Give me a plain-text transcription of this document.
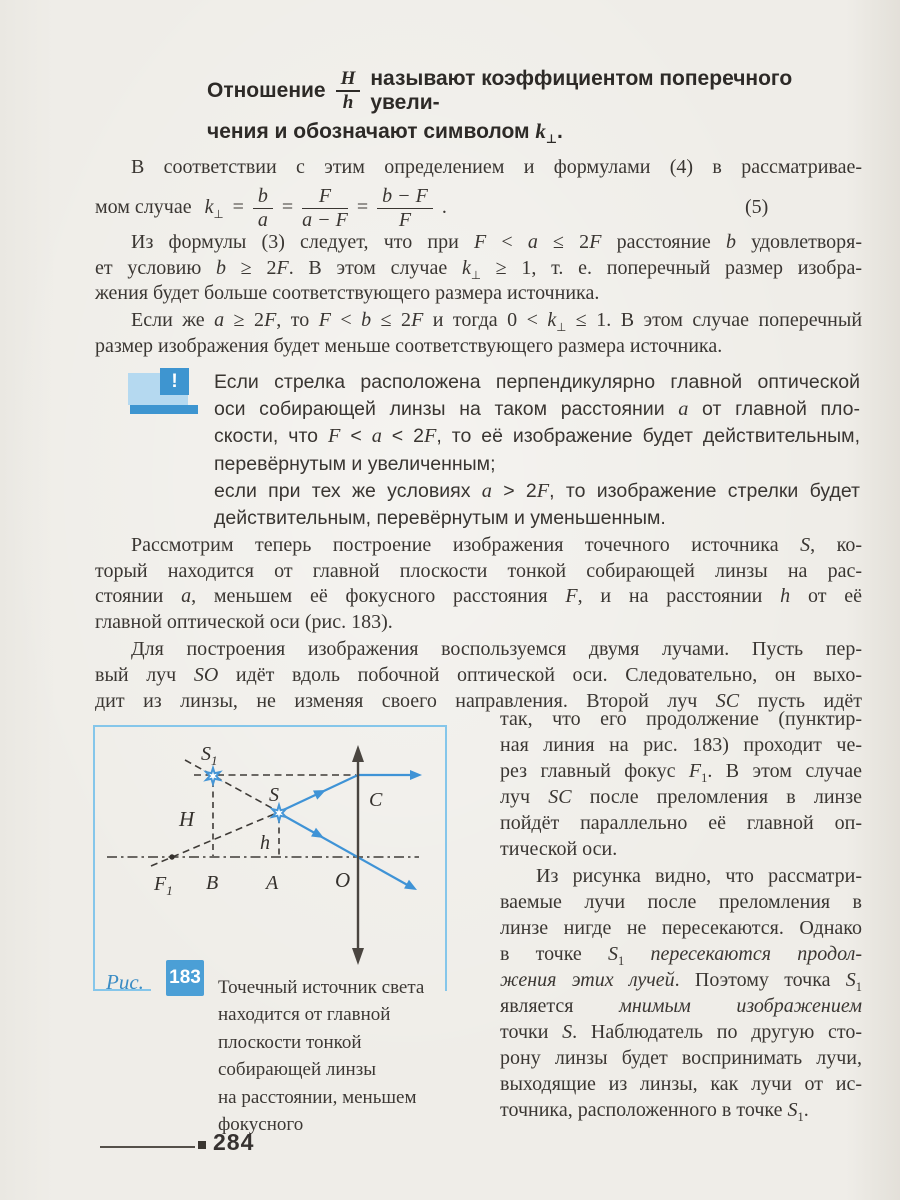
Отношение $\frac{H}{h}$ называют коэффициентом поперечного увели-
чения и обозначают символом $k_\perp$.
В соответствии с этим определением и формулами (4) в рассматривае-
мом случае $k_\perp = \frac{b}{a} = \frac{F}{a - F} = \frac{b - F}{F}$ .	(5)
Из формулы (3) следует, что при F < a ≤ 2F расстояние b удовлетворя-
ет условию b ≥ 2F. В этом случае $k_\perp \ge 1$, т. е. поперечный размер изобра-
жения будет больше соответствующего размера источника.
Если же a ≥ 2F, то F < b ≤ 2F и тогда $0 < k_\perp \le 1$. В этом случае поперечный
размер изображения будет меньше соответствующего размера источника.
!	Если стрелка расположена перпендикулярно главной оптической
оси собирающей линзы на таком расстоянии a от главной пло-
скости, что F < a < 2F, то её изображение будет действительным,
перевёрнутым и увеличенным;
если при тех же условиях a > 2F, то изображение стрелки будет
действительным, перевёрнутым и уменьшенным.
Рассмотрим теперь построение изображения точечного источника S, ко-
торый находится от главной плоскости тонкой собирающей линзы на рас-
стоянии a, меньшем её фокусного расстояния F, и на расстоянии h от её
главной оптической оси (рис. 183).
Для построения изображения воспользуемся двумя лучами. Пусть пер-
вый луч SO идёт вдоль побочной оптической оси. Следовательно, он выхо-
дит из линзы, не изменяя своего направления. Второй луч SC пусть идёт
так, что его продолжение (пунктир-
ная линия на рис. 183) проходит че-
рез главный фокус $F_1$. В этом случае
луч SC после преломления в линзе
пойдёт параллельно её главной оп-
тической оси.
Из рисунка видно, что рассматри-
ваемые лучи после преломления в
линзе нигде не пересекаются. Однако
в точке $S_1$ пересекаются продол-
жения этих лучей. Поэтому точка $S_1$
является мнимым изображением
точки S. Наблюдатель по другую сто-
рону линзы будет воспринимать лучи,
выходящие из линзы, как лучи от ис-
точника, расположенного в точке $S_1$.
$S_1$
S	C
H
h
$F_1$ B A	O
Рис. 183 Точечный источник света
находится от главной
плоскости тонкой
собирающей линзы
на расстоянии, меньшем
фокусного
284
